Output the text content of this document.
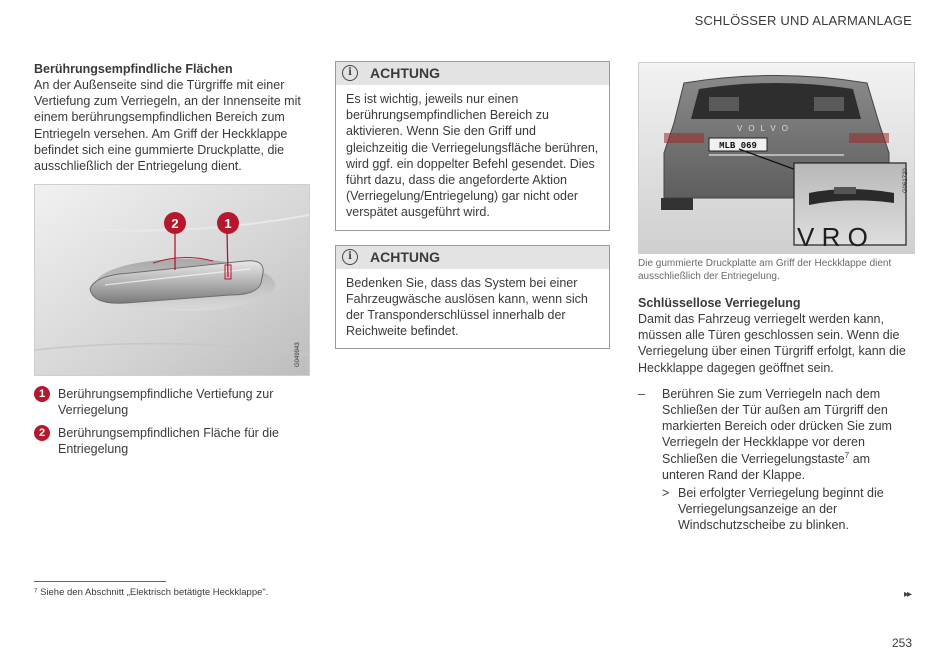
SCHLÖSSER UND ALARMANLAGE
Berührungsempfindliche Flächen
An der Außenseite sind die Türgriffe mit einer Vertiefung zum Verriegeln, an der Innenseite mit einem berührungsempfindlichen Bereich zum Entriegeln versehen. Am Griff der Heckklappe befindet sich eine gummierte Druckplatte, die ausschließlich der Entriegelung dient.
2	1
G049943
1	Berührungsempfindliche Vertiefung zur Verriegelung
2	Berührungsempfindlichen Fläche für die Entriegelung
i	ACHTUNG
Es ist wichtig, jeweils nur einen berührungsempfindlichen Bereich zu aktivieren. Wenn Sie den Griff und gleichzeitig die Verriegelungsfläche berühren, wird ggf. ein doppelter Befehl gesendet. Dies führt dazu, dass die angeforderte Aktion (Verriegelung/Entriegelung) gar nicht oder verspätet ausgeführt wird.
i	ACHTUNG
Bedenken Sie, dass das System bei einer Fahrzeugwäsche auslösen kann, wenn sich der Transponderschlüssel innerhalb der Reichweite befindet.
VOLVO
MLB 069
V R O
G061720
Die gummierte Druckplatte am Griff der Heckklappe dient ausschließlich der Entriegelung.
Schlüssellose Verriegelung
Damit das Fahrzeug verriegelt werden kann, müssen alle Türen geschlossen sein. Wenn die Verriegelung über einen Türgriff erfolgt, kann die Heckklappe dagegen geöffnet sein.
–	Berühren Sie zum Verriegeln nach dem Schließen der Tür außen am Türgriff den markierten Bereich oder drücken Sie zum Verriegeln der Heckklappe vor deren Schließen die Verriegelungstaste$^7$ am unteren Rand der Klappe.
> Bei erfolgter Verriegelung beginnt die Verriegelungsanzeige an der Windschutzscheibe zu blinken.
⁷ Siehe den Abschnitt „Elektrisch betätigte Heckklappe".	▸▸
253
